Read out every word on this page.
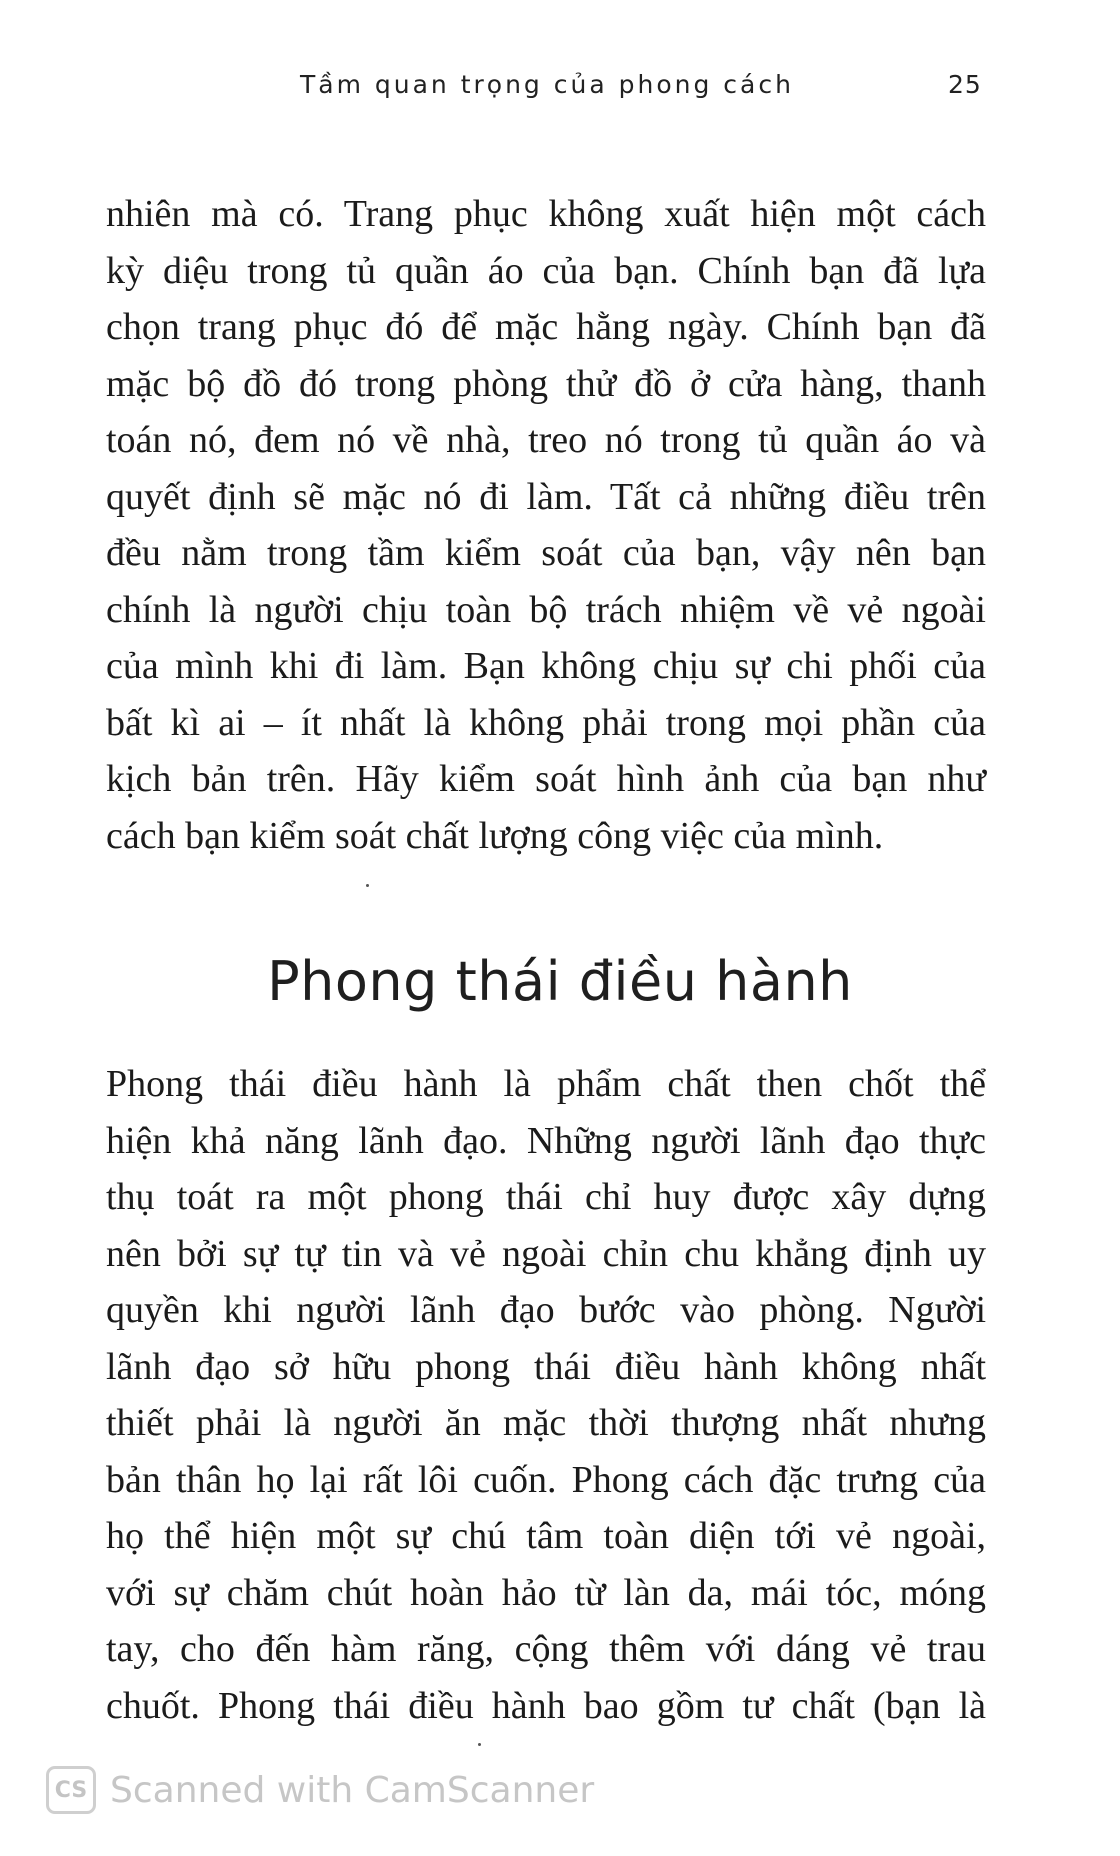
Tầm quan trọng của phong cách	25
nhiên mà có. Trang phục không xuất hiện một cách
kỳ diệu trong tủ quần áo của bạn. Chính bạn đã lựa
chọn trang phục đó để mặc hằng ngày. Chính bạn đã
mặc bộ đồ đó trong phòng thử đồ ở cửa hàng, thanh
toán nó, đem nó về nhà, treo nó trong tủ quần áo và
quyết định sẽ mặc nó đi làm. Tất cả những điều trên
đều nằm trong tầm kiểm soát của bạn, vậy nên bạn
chính là người chịu toàn bộ trách nhiệm về vẻ ngoài
của mình khi đi làm. Bạn không chịu sự chi phối của
bất kì ai – ít nhất là không phải trong mọi phần của
kịch bản trên. Hãy kiểm soát hình ảnh của bạn như
cách bạn kiểm soát chất lượng công việc của mình.
Phong thái điều hành
Phong thái điều hành là phẩm chất then chốt thể
hiện khả năng lãnh đạo. Những người lãnh đạo thực
thụ toát ra một phong thái chỉ huy được xây dựng
nên bởi sự tự tin và vẻ ngoài chỉn chu khẳng định uy
quyền khi người lãnh đạo bước vào phòng. Người
lãnh đạo sở hữu phong thái điều hành không nhất
thiết phải là người ăn mặc thời thượng nhất nhưng
bản thân họ lại rất lôi cuốn. Phong cách đặc trưng của
họ thể hiện một sự chú tâm toàn diện tới vẻ ngoài,
với sự chăm chút hoàn hảo từ làn da, mái tóc, móng
tay, cho đến hàm răng, cộng thêm với dáng vẻ trau
chuốt. Phong thái điều hành bao gồm tư chất (bạn là
CS Scanned with CamScanner
